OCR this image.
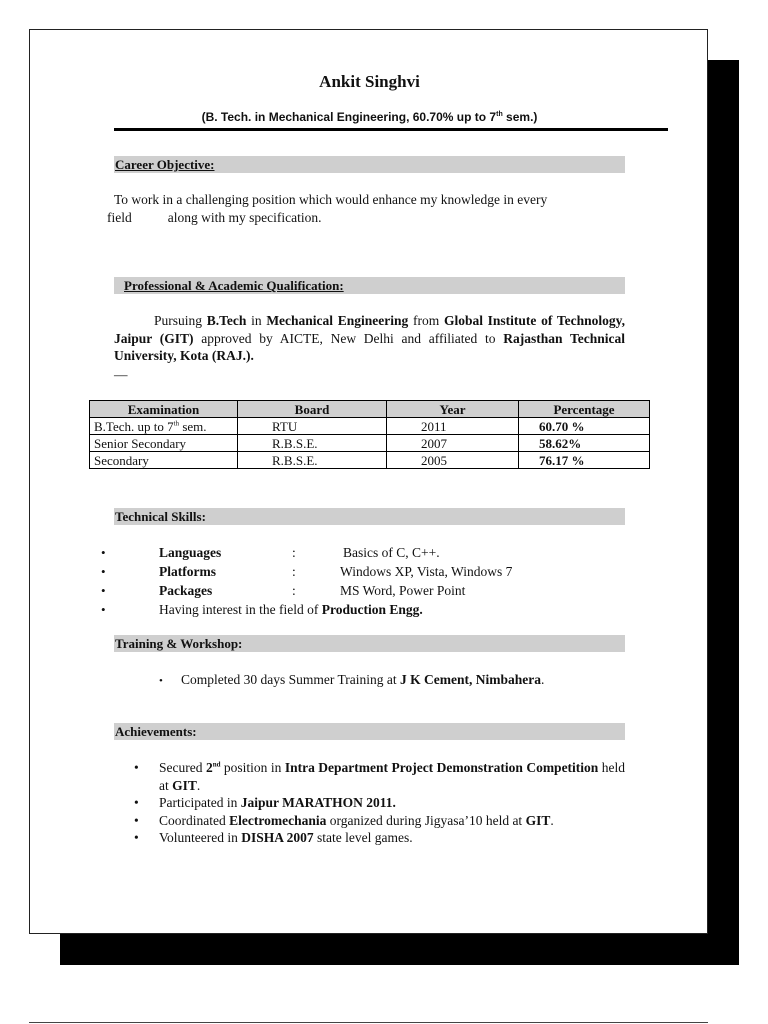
Ankit Singhvi
(B. Tech. in Mechanical Engineering, 60.70% up to 7th sem.)
Career Objective:
To work in a challenging position which would enhance my knowledge in every
field	along with my specification.
Professional & Academic Qualification:
Pursuing B.Tech in Mechanical Engineering from Global Institute of Technology, Jaipur (GIT) approved by AICTE, New Delhi and affiliated to Rajasthan Technical University, Kota (RAJ.).
—
Examination	Board	Year	Percentage
B.Tech. up to 7th sem.	RTU	2011	60.70 %
Senior Secondary	R.B.S.E.	2007	58.62%
Secondary	R.B.S.E.	2005	76.17 %
Technical Skills:
•	Languages	:	Basics of C, C++.
•	Platforms	:	Windows XP, Vista, Windows 7
•	Packages	:	MS Word, Power Point
•	Having interest in the field of Production Engg.
Training & Workshop:
• Completed 30 days Summer Training at J K Cement, Nimbahera.
Achievements:
• Secured 2nd position in Intra Department Project Demonstration Competition held at GIT.
• Participated in Jaipur MARATHON 2011.
• Coordinated Electromechania organized during Jigyasa’10 held at GIT.
• Volunteered in DISHA 2007 state level games.
